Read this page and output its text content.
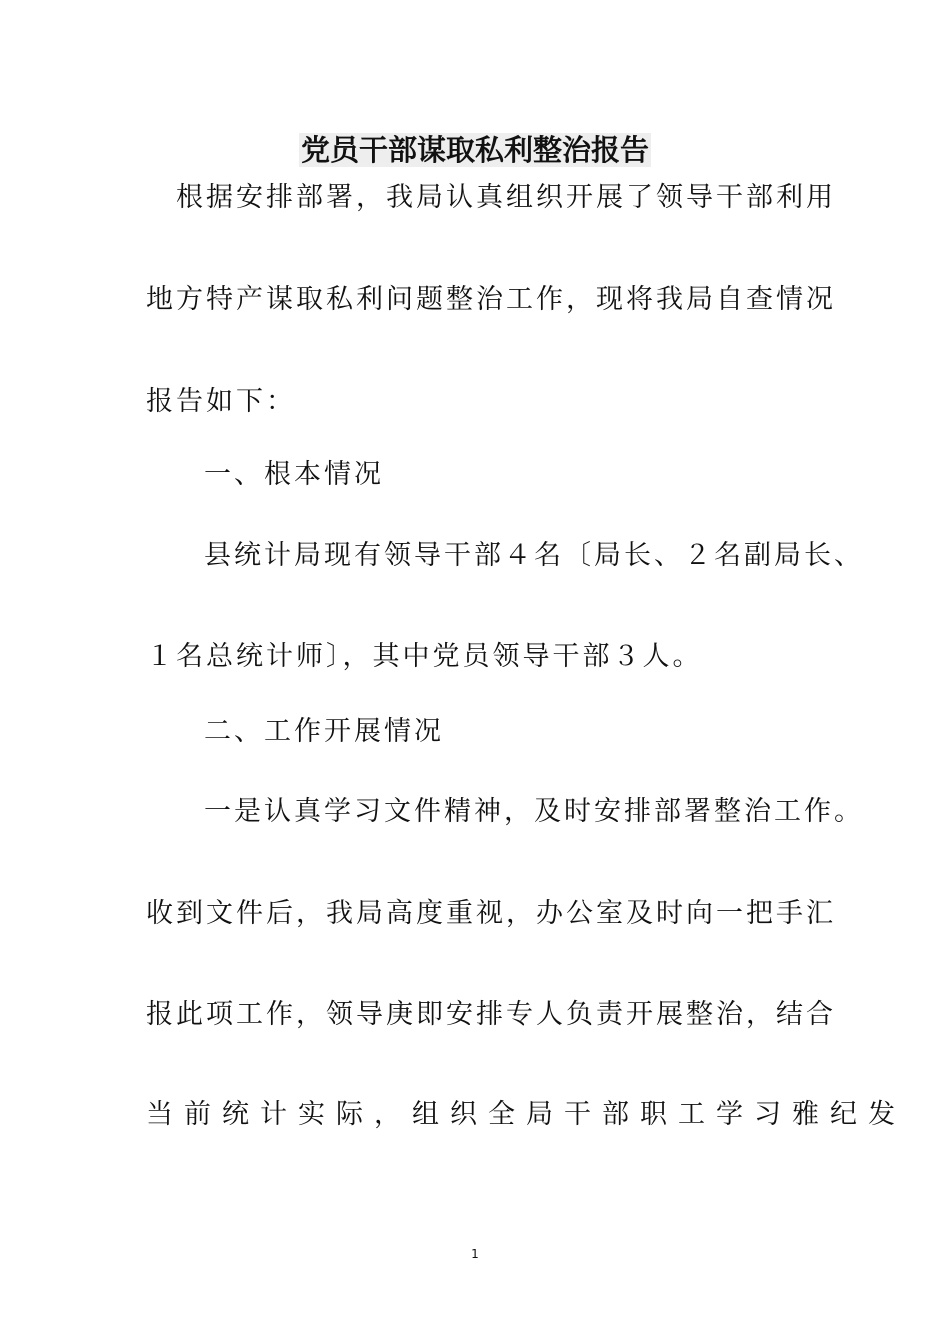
党员干部谋取私利整治报告
根据安排部署，我局认真组织开展了领导干部利用
地方特产谋取私利问题整治工作，现将我局自查情况
报告如下：
一、根本情况
县统计局现有领导干部４名〔局长、２名副局长、
１名总统计师〕，其中党员领导干部３人。
二、工作开展情况
一是认真学习文件精神，及时安排部署整治工作。
收到文件后，我局高度重视，办公室及时向一把手汇
报此项工作，领导庚即安排专人负责开展整治，结合
当前统计实际，组织全局干部职工学习雅纪发
1
